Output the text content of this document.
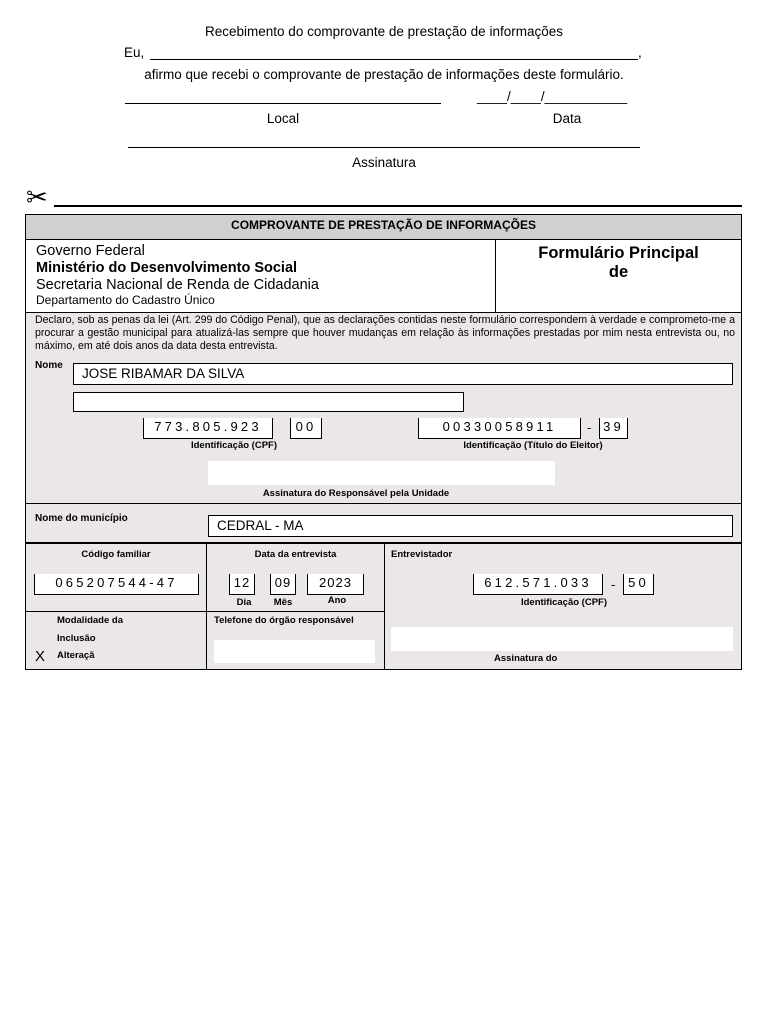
Recebimento do comprovante de prestação de informações
Eu,	,
afirmo que recebi o comprovante de prestação de informações deste formulário.
____/____/___________
Local	Data
Assinatura
✂
COMPROVANTE DE PRESTAÇÃO DE INFORMAÇÕES
Governo Federal
Ministério do Desenvolvimento Social
Secretaria Nacional de Renda de Cidadania
Departamento do Cadastro Único
Formulário Principal
de
Declaro, sob as penas da lei (Art. 299 do Código Penal), que as declarações contidas neste formulário correspondem à verdade e comprometo-me a procurar a gestão municipal para atualizá-las sempre que houver mudanças em relação às informações prestadas por mim nesta entrevista ou, no máximo, em até dois anos da data desta entrevista.
Nome
JOSE RIBAMAR DA SILVA
773.805.923	00
Identificação (CPF)
00330058911	- 39
Identificação (Título do Eleitor)
Assinatura do Responsável pela Unidade
Nome do município	CEDRAL - MA
Código familiar
065207544-47
Data da entrevista
12	09	2023
Dia	Mês	Ano
Entrevistador
612.571.033	- 50
Identificação (CPF)
Modalidade da
Inclusão
X Alteraçã
Telefone do órgão responsável
Assinatura do
